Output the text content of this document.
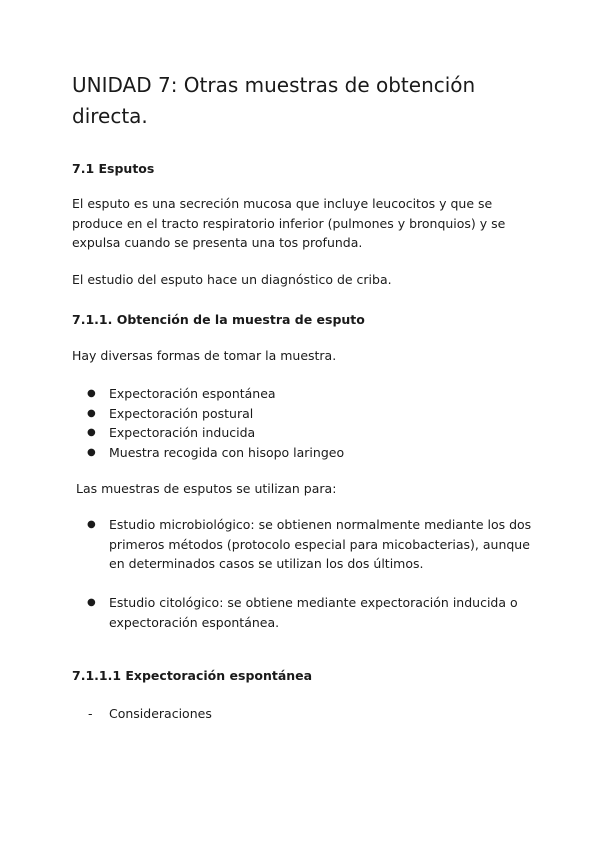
UNIDAD 7: Otras muestras de obtención directa.
7.1 Esputos

El esputo es una secreción mucosa que incluye leucocitos y que se produce en el tracto respiratorio inferior (pulmones y bronquios) y se expulsa cuando se presenta una tos profunda.

El estudio del esputo hace un diagnóstico de criba.

7.1.1. Obtención de la muestra de esputo

Hay diversas formas de tomar la muestra.

● Expectoración espontánea
● Expectoración postural
● Expectoración inducida
● Muestra recogida con hisopo laringeo

Las muestras de esputos se utilizan para:

● Estudio microbiológico: se obtienen normalmente mediante los dos primeros métodos (protocolo especial para micobacterias), aunque en determinados casos se utilizan los dos últimos.
● Estudio citológico: se obtiene mediante expectoración inducida o expectoración espontánea.
7.1.1.1 Expectoración espontánea
- Consideraciones
